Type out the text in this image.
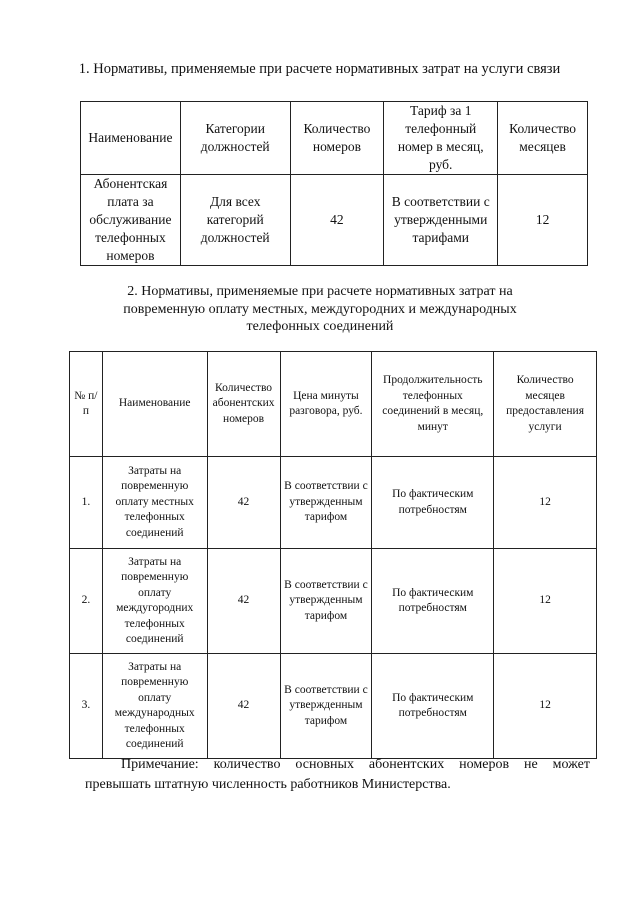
1. Нормативы, применяемые при расчете нормативных затрат на услуги связи
Наименование	Категории должностей	Количество номеров	Тариф за 1 телефонный номер в месяц, руб.	Количество месяцев
Абонентская плата за обслуживание телефонных номеров	Для всех категорий должностей	42	В соответствии с утвержденными тарифами	12
2. Нормативы, применяемые при расчете нормативных затрат на повременную оплату местных, междугородних и международных телефонных соединений
№ п/п	Наименование	Количество абонентских номеров	Цена минуты разговора, руб.	Продолжительность телефонных соединений в месяц, минут	Количество месяцев предоставления услуги
1.	Затраты на повременную оплату местных телефонных соединений	42	В соответствии с утвержденным тарифом	По фактическим потребностям	12
2.	Затраты на повременную оплату междугородних телефонных соединений	42	В соответствии с утвержденным тарифом	По фактическим потребностям	12
3.	Затраты на повременную оплату международных телефонных соединений	42	В соответствии с утвержденным тарифом	По фактическим потребностям	12
Примечание: количество основных абонентских номеров не может превышать штатную численность работников Министерства.
